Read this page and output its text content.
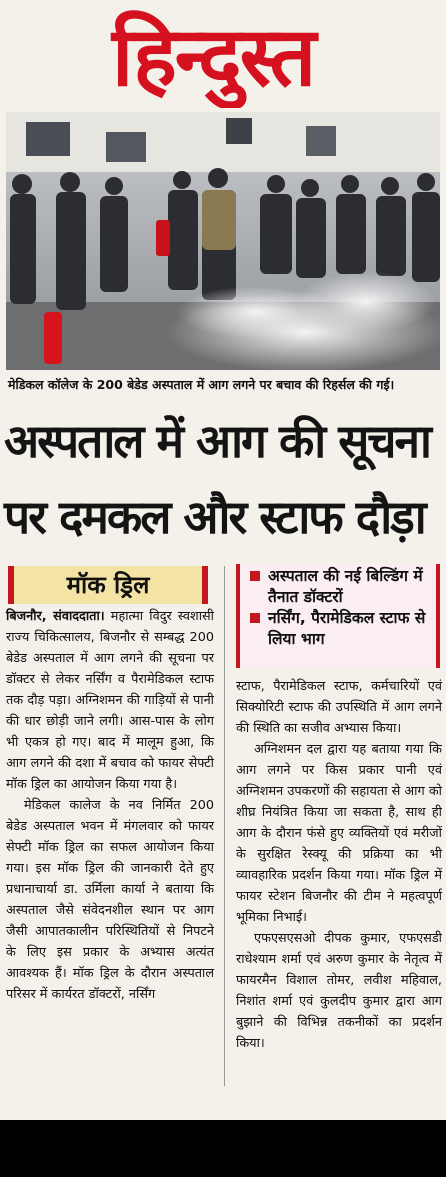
हिन्दुस्त
मेडिकल कॉलेज के 200 बेडेड अस्पताल में आग लगने पर बचाव की रिहर्सल की गई।
अस्पताल में आग की सूचना
पर दमकल और स्टाफ दौड़ा
मॉक ड्रिल	अस्पताल की नई बिल्डिंग में तैनात डॉक्टरों
नर्सिंग, पैरामेडिकल स्टाफ से लिया भाग

बिजनौर, संवाददाता। महात्मा विदुर स्वशासी राज्य चिकित्सालय, बिजनौर से सम्बद्ध 200 बेडेड अस्पताल में आग लगने की सूचना पर डॉक्टर से लेकर नर्सिंग व पैरामेडिकल स्टाफ तक दौड़ पड़ा। अग्निशमन की गाड़ियों से पानी की धार छोड़ी जाने लगी। आस-पास के लोग भी एकत्र हो गए। बाद में मालूम हुआ, कि आग लगने की दशा में बचाव को फायर सेफ्टी मॉक ड्रिल का आयोजन किया गया है।

मेडिकल कालेज के नव निर्मित 200 बेडेड अस्पताल भवन में मंगलवार को फायर सेफ्टी मॉक ड्रिल का सफल आयोजन किया गया। इस मॉक ड्रिल की जानकारी देते हुए प्रधानाचार्या डा. उर्मिला कार्या ने बताया कि अस्पताल जैसे संवेदनशील स्थान पर आग जैसी आपातकालीन परिस्थितियों से निपटने के लिए इस प्रकार के अभ्यास अत्यंत आवश्यक हैं। मॉक ड्रिल के दौरान अस्पताल परिसर में कार्यरत डॉक्टरों, नर्सिंग

स्टाफ, पैरामेडिकल स्टाफ, कर्मचारियों एवं सिक्योरिटी स्टाफ की उपस्थिति में आग लगने की स्थिति का सजीव अभ्यास किया।

अग्निशमन दल द्वारा यह बताया गया कि आग लगने पर किस प्रकार पानी एवं अग्निशमन उपकरणों की सहायता से आग को शीघ्र नियंत्रित किया जा सकता है, साथ ही आग के दौरान फंसे हुए व्यक्तियों एवं मरीजों के सुरक्षित रेस्क्यू की प्रक्रिया का भी व्यावहारिक प्रदर्शन किया गया। मॉक ड्रिल में फायर स्टेशन बिजनौर की टीम ने महत्वपूर्ण भूमिका निभाई।

एफएसएसओ दीपक कुमार, एफएसडी राधेश्याम शर्मा एवं अरुण कुमार के नेतृत्व में फायरमैन विशाल तोमर, लवीश महिवाल, निशांत शर्मा एवं कुलदीप कुमार द्वारा आग बुझाने की विभिन्न तकनीकों का प्रदर्शन किया।
